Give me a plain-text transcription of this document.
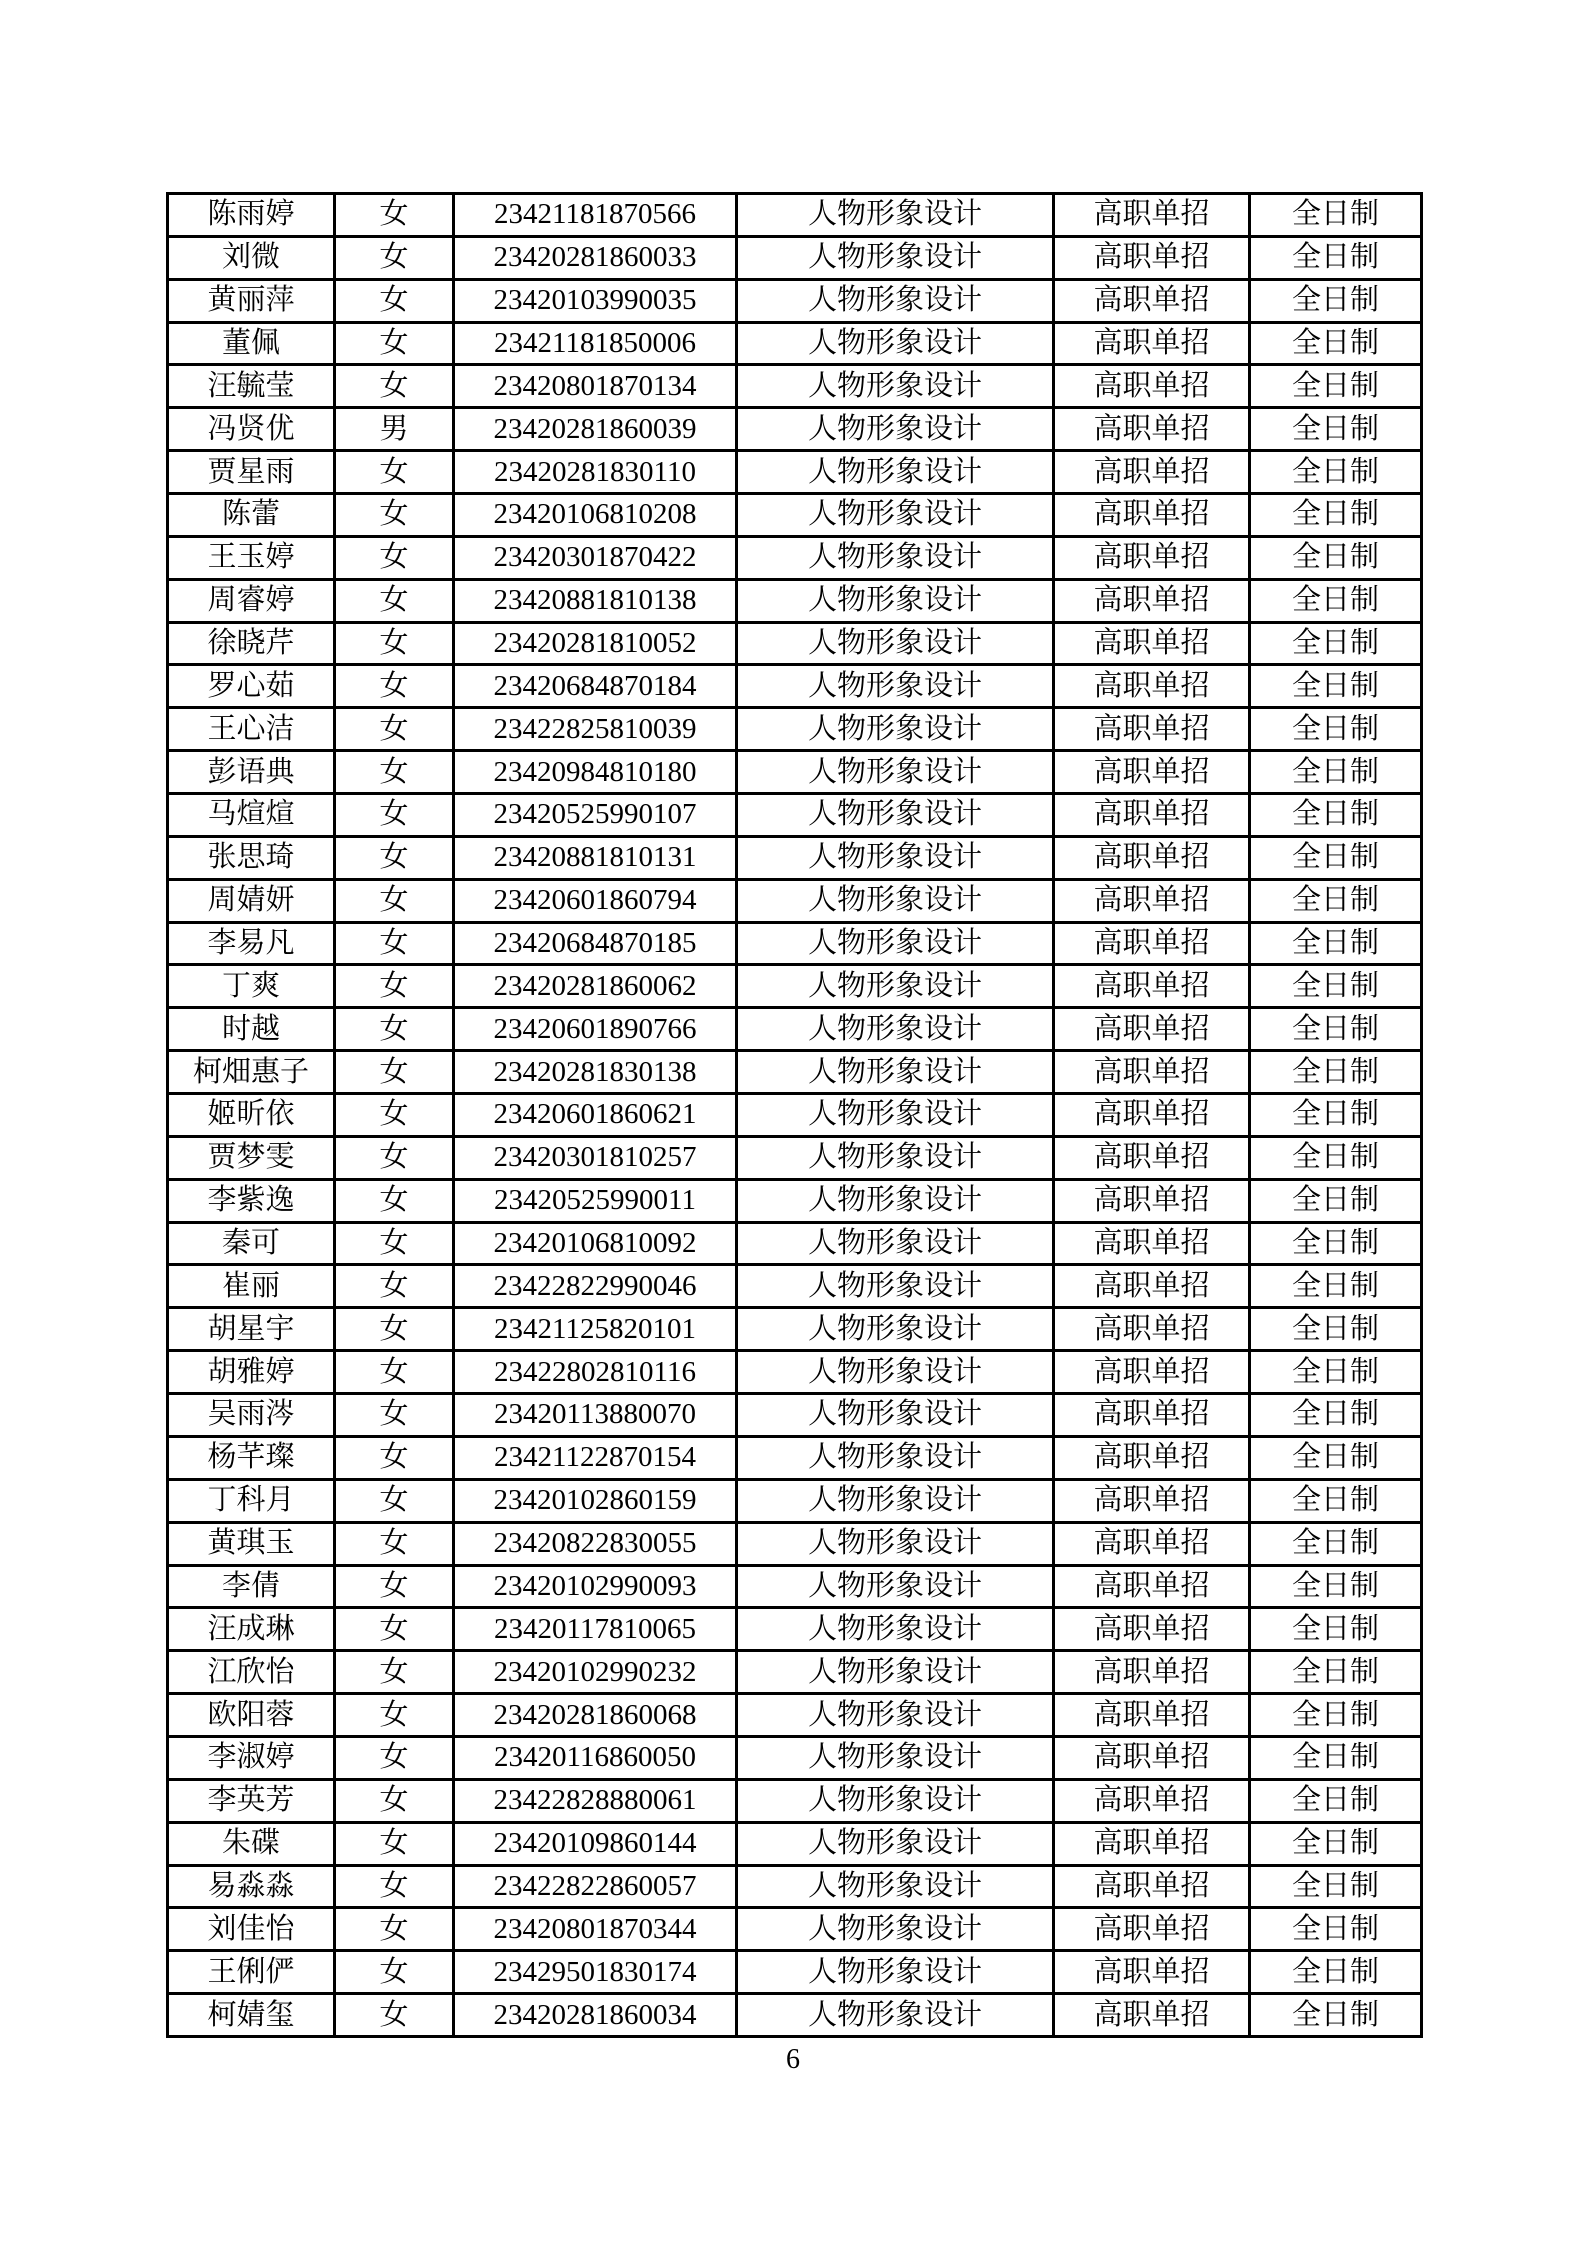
陈雨婷	女	23421181870566	人物形象设计	高职单招	全日制
刘微	女	23420281860033	人物形象设计	高职单招	全日制
黄丽萍	女	23420103990035	人物形象设计	高职单招	全日制
董佩	女	23421181850006	人物形象设计	高职单招	全日制
汪毓莹	女	23420801870134	人物形象设计	高职单招	全日制
冯贤优	男	23420281860039	人物形象设计	高职单招	全日制
贾星雨	女	23420281830110	人物形象设计	高职单招	全日制
陈蕾	女	23420106810208	人物形象设计	高职单招	全日制
王玉婷	女	23420301870422	人物形象设计	高职单招	全日制
周睿婷	女	23420881810138	人物形象设计	高职单招	全日制
徐晓芹	女	23420281810052	人物形象设计	高职单招	全日制
罗心茹	女	23420684870184	人物形象设计	高职单招	全日制
王心洁	女	23422825810039	人物形象设计	高职单招	全日制
彭语典	女	23420984810180	人物形象设计	高职单招	全日制
马煊煊	女	23420525990107	人物形象设计	高职单招	全日制
张思琦	女	23420881810131	人物形象设计	高职单招	全日制
周婧妍	女	23420601860794	人物形象设计	高职单招	全日制
李易凡	女	23420684870185	人物形象设计	高职单招	全日制
丁爽	女	23420281860062	人物形象设计	高职单招	全日制
时越	女	23420601890766	人物形象设计	高职单招	全日制
柯畑惠子	女	23420281830138	人物形象设计	高职单招	全日制
姬昕依	女	23420601860621	人物形象设计	高职单招	全日制
贾梦雯	女	23420301810257	人物形象设计	高职单招	全日制
李紫逸	女	23420525990011	人物形象设计	高职单招	全日制
秦可	女	23420106810092	人物形象设计	高职单招	全日制
崔丽	女	23422822990046	人物形象设计	高职单招	全日制
胡星宇	女	23421125820101	人物形象设计	高职单招	全日制
胡雅婷	女	23422802810116	人物形象设计	高职单招	全日制
吴雨涔	女	23420113880070	人物形象设计	高职单招	全日制
杨芊璨	女	23421122870154	人物形象设计	高职单招	全日制
丁科月	女	23420102860159	人物形象设计	高职单招	全日制
黄琪玉	女	23420822830055	人物形象设计	高职单招	全日制
李倩	女	23420102990093	人物形象设计	高职单招	全日制
汪成琳	女	23420117810065	人物形象设计	高职单招	全日制
江欣怡	女	23420102990232	人物形象设计	高职单招	全日制
欧阳蓉	女	23420281860068	人物形象设计	高职单招	全日制
李淑婷	女	23420116860050	人物形象设计	高职单招	全日制
李英芳	女	23422828880061	人物形象设计	高职单招	全日制
朱碟	女	23420109860144	人物形象设计	高职单招	全日制
易淼淼	女	23422822860057	人物形象设计	高职单招	全日制
刘佳怡	女	23420801870344	人物形象设计	高职单招	全日制
王俐俨	女	23429501830174	人物形象设计	高职单招	全日制
柯婧玺	女	23420281860034	人物形象设计	高职单招	全日制
6
